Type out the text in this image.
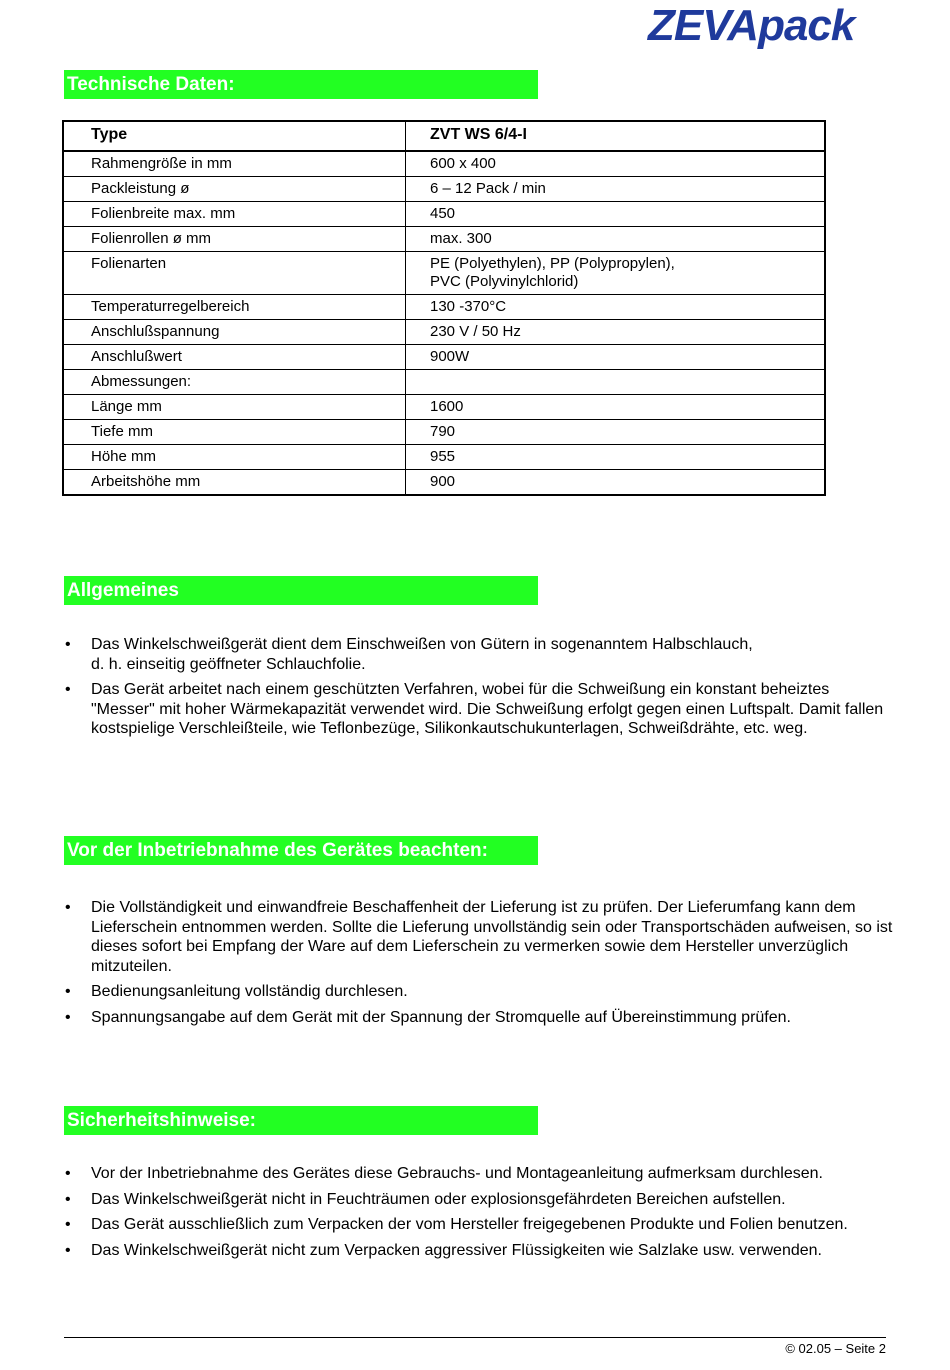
ZEVApack
Technische Daten:
Type	ZVT WS 6/4-I
Rahmengröße in mm	600 x 400
Packleistung ø	6 – 12 Pack / min
Folienbreite max. mm	450
Folienrollen ø mm	max. 300
Folienarten	PE (Polyethylen), PP (Polypropylen),
PVC (Polyvinylchlorid)

Temperaturregelbereich	130 -370°C
Anschlußspannung	230 V / 50 Hz
Anschlußwert	900W
Abmessungen:	
Länge mm	1600
Tiefe mm	790
Höhe mm	955
Arbeitshöhe mm	900
Allgemeines
• Das Winkelschweißgerät dient dem Einschweißen von Gütern in sogenanntem Halbschlauch,
d. h. einseitig geöffneter Schlauchfolie.
• Das Gerät arbeitet nach einem geschützten Verfahren, wobei für die Schweißung ein konstant beheiztes "Messer" mit hoher Wärmekapazität verwendet wird. Die Schweißung erfolgt gegen einen Luftspalt. Damit fallen kostspielige Verschleißteile, wie Teflonbezüge, Silikonkautschukunterlagen, Schweißdrähte, etc. weg.
Vor der Inbetriebnahme des Gerätes beachten:
• Die Vollständigkeit und einwandfreie Beschaffenheit der Lieferung ist zu prüfen. Der Lieferumfang kann dem Lieferschein entnommen werden. Sollte die Lieferung unvollständig sein oder Transportschäden aufweisen, so ist dieses sofort bei Empfang der Ware auf dem Lieferschein zu vermerken sowie dem Hersteller unverzüglich mitzuteilen.
• Bedienungsanleitung vollständig durchlesen.
• Spannungsangabe auf dem Gerät mit der Spannung der Stromquelle auf Übereinstimmung prüfen.
Sicherheitshinweise:
• Vor der Inbetriebnahme des Gerätes diese Gebrauchs- und Montageanleitung aufmerksam durchlesen.
• Das Winkelschweißgerät nicht in Feuchträumen oder explosionsgefährdeten Bereichen aufstellen.
• Das Gerät ausschließlich zum Verpacken der vom Hersteller freigegebenen Produkte und Folien benutzen.
• Das Winkelschweißgerät nicht zum Verpacken aggressiver Flüssigkeiten wie Salzlake usw. verwenden.
© 02.05 – Seite 2
